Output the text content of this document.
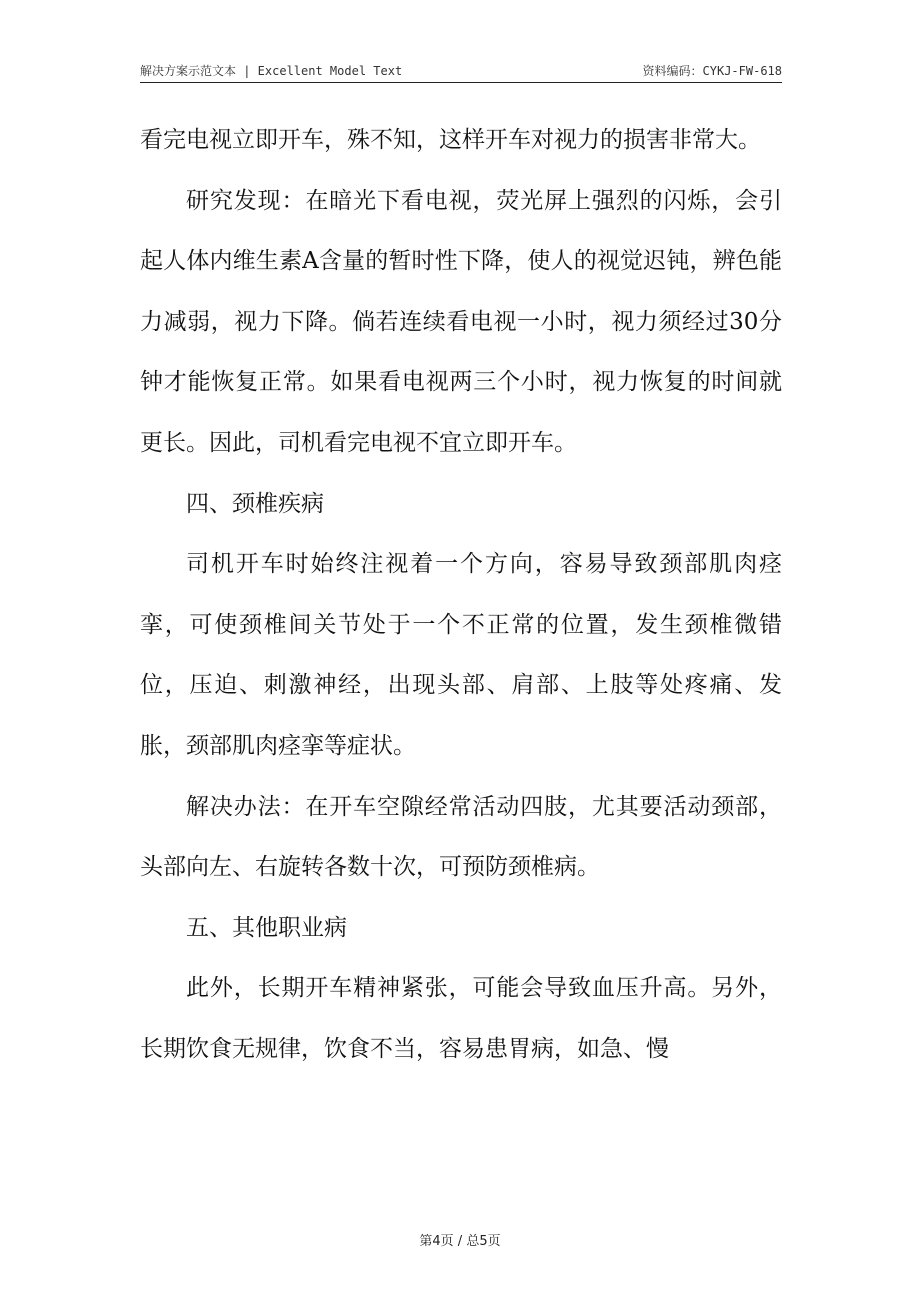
解决方案示范文本 | Excellent Model Text	资料编码：CYKJ-FW-618

看完电视立即开车，殊不知，这样开车对视力的损害非常大。

研究发现：在暗光下看电视，荧光屏上强烈的闪烁，会引起人体内维生素A含量的暂时性下降，使人的视觉迟钝，辨色能力减弱，视力下降。倘若连续看电视一小时，视力须经过30分钟才能恢复正常。如果看电视两三个小时，视力恢复的时间就更长。因此，司机看完电视不宜立即开车。

四、颈椎疾病

司机开车时始终注视着一个方向，容易导致颈部肌肉痉挛，可使颈椎间关节处于一个不正常的位置，发生颈椎微错位，压迫、刺激神经，出现头部、肩部、上肢等处疼痛、发胀，颈部肌肉痉挛等症状。

解决办法：在开车空隙经常活动四肢，尤其要活动颈部，头部向左、右旋转各数十次，可预防颈椎病。

五、其他职业病

此外，长期开车精神紧张，可能会导致血压升高。另外，长期饮食无规律，饮食不当，容易患胃病，如急、慢

第4页 / 总5页
